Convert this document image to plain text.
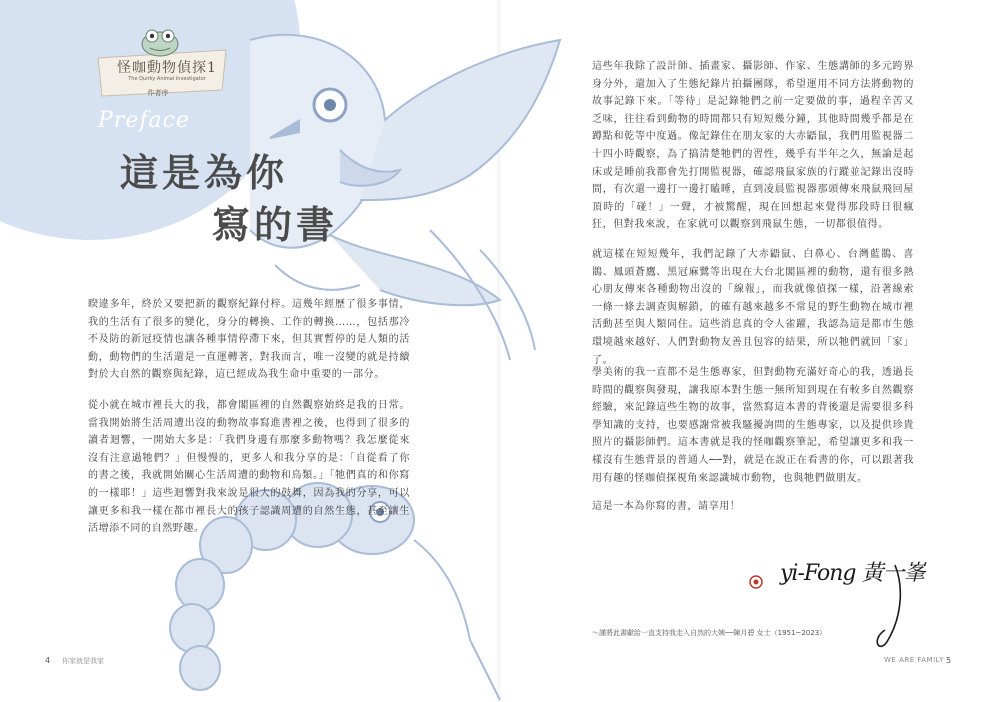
怪咖動物偵探1
The Quirky Animal Investigator
作者序
Preface
這是為你
寫的書

睽違多年，終於又要把新的觀察紀錄付梓。這幾年經歷了很多事情，我的生活有了很多的變化，身分的轉換、工作的轉換……，包括那冷不及防的新冠疫情也讓各種事情停滯下來，但其實暫停的是人類的活動，動物們的生活還是一直運轉著，對我而言，唯一沒變的就是持續對於大自然的觀察與紀錄，這已經成為我生命中重要的一部分。

從小就在城市裡長大的我，都會閣區裡的自然觀察始終是我的日常。當我開始將生活周遭出沒的動物故事寫進書裡之後，也得到了很多的讀者迴響，一開始大多是：「我們身邊有那麼多動物嗎？我怎麼從來沒有注意過牠們？」但慢慢的，更多人和我分享的是：「自從看了你的書之後，我就開始關心生活周遭的動物和鳥類。」「牠們真的和你寫的一樣耶！」這些迴響對我來說是很大的鼓舞，因為我的分享，可以讓更多和我一樣在都市裡長大的孩子認識周遭的自然生態，甚至讓生活增添不同的自然野趣。

這些年我除了設計師、插畫家、攝影師、作家、生態講師的多元跨界身分外，還加入了生態紀錄片拍攝團隊，希望運用不同方法將動物的故事記錄下來。「等待」是記錄牠們之前一定要做的事，過程辛苦又乏味，往往看到動物的時間都只有短短幾分鐘，其他時間幾乎都是在蹲點和乾等中度過。像記錄住在朋友家的大赤鼯鼠，我們用監視器二十四小時觀察，為了搞清楚牠們的習性，幾乎有半年之久，無論是起床或是睡前我都會先打開監視器，確認飛鼠家族的行蹤並記錄出沒時間，有次還一邊打一邊打瞌睡，直到凌晨監視器那頭傳來飛鼠飛回屋頂時的「碰！」一聲，才被驚醒，現在回想起來覺得那段時日很瘋狂，但對我來說，在家就可以觀察到飛鼠生態，一切都很值得。

就這樣在短短幾年，我們記錄了大赤鼯鼠、白鼻心、台灣藍鵲、喜鵲、鳳頭蒼鷹、黑冠麻鷺等出現在大台北閣區裡的動物，還有很多熱心朋友傳來各種動物出沒的「線報」，而我就像偵探一樣，沿著線索一條一條去調查與解鎖，的確有越來越多不常見的野生動物在城市裡活動甚至與人類同住。這些消息真的令人雀躍，我認為這是都市生態環境越來越好、人們對動物友善且包容的結果，所以牠們就回「家」了。

學美術的我一直都不是生態專家，但對動物充滿好奇心的我，透過長時間的觀察與發現，讓我原本對生態一無所知到現在有較多自然觀察經驗，來記錄這些生物的故事，當然寫這本書的背後還是需要很多科學知識的支持，也要感謝常被我騷擾詢問的生態專家，以及提供珍貴照片的攝影師們。這本書就是我的怪咖觀察筆記，希望讓更多和我一樣沒有生態背景的普通人──對，就是在說正在看書的你，可以跟著我用有趣的怪咖偵探視角來認識城市動物，也與牠們做朋友。

這是一本為你寫的書，請享用！

yi-Fong 黃一峯
～謹將此書獻給一直支持我走入自然的大姨──陳月碧 女士（1951~2023）
4 你家就是我家	WE ARE FAMILY 5
